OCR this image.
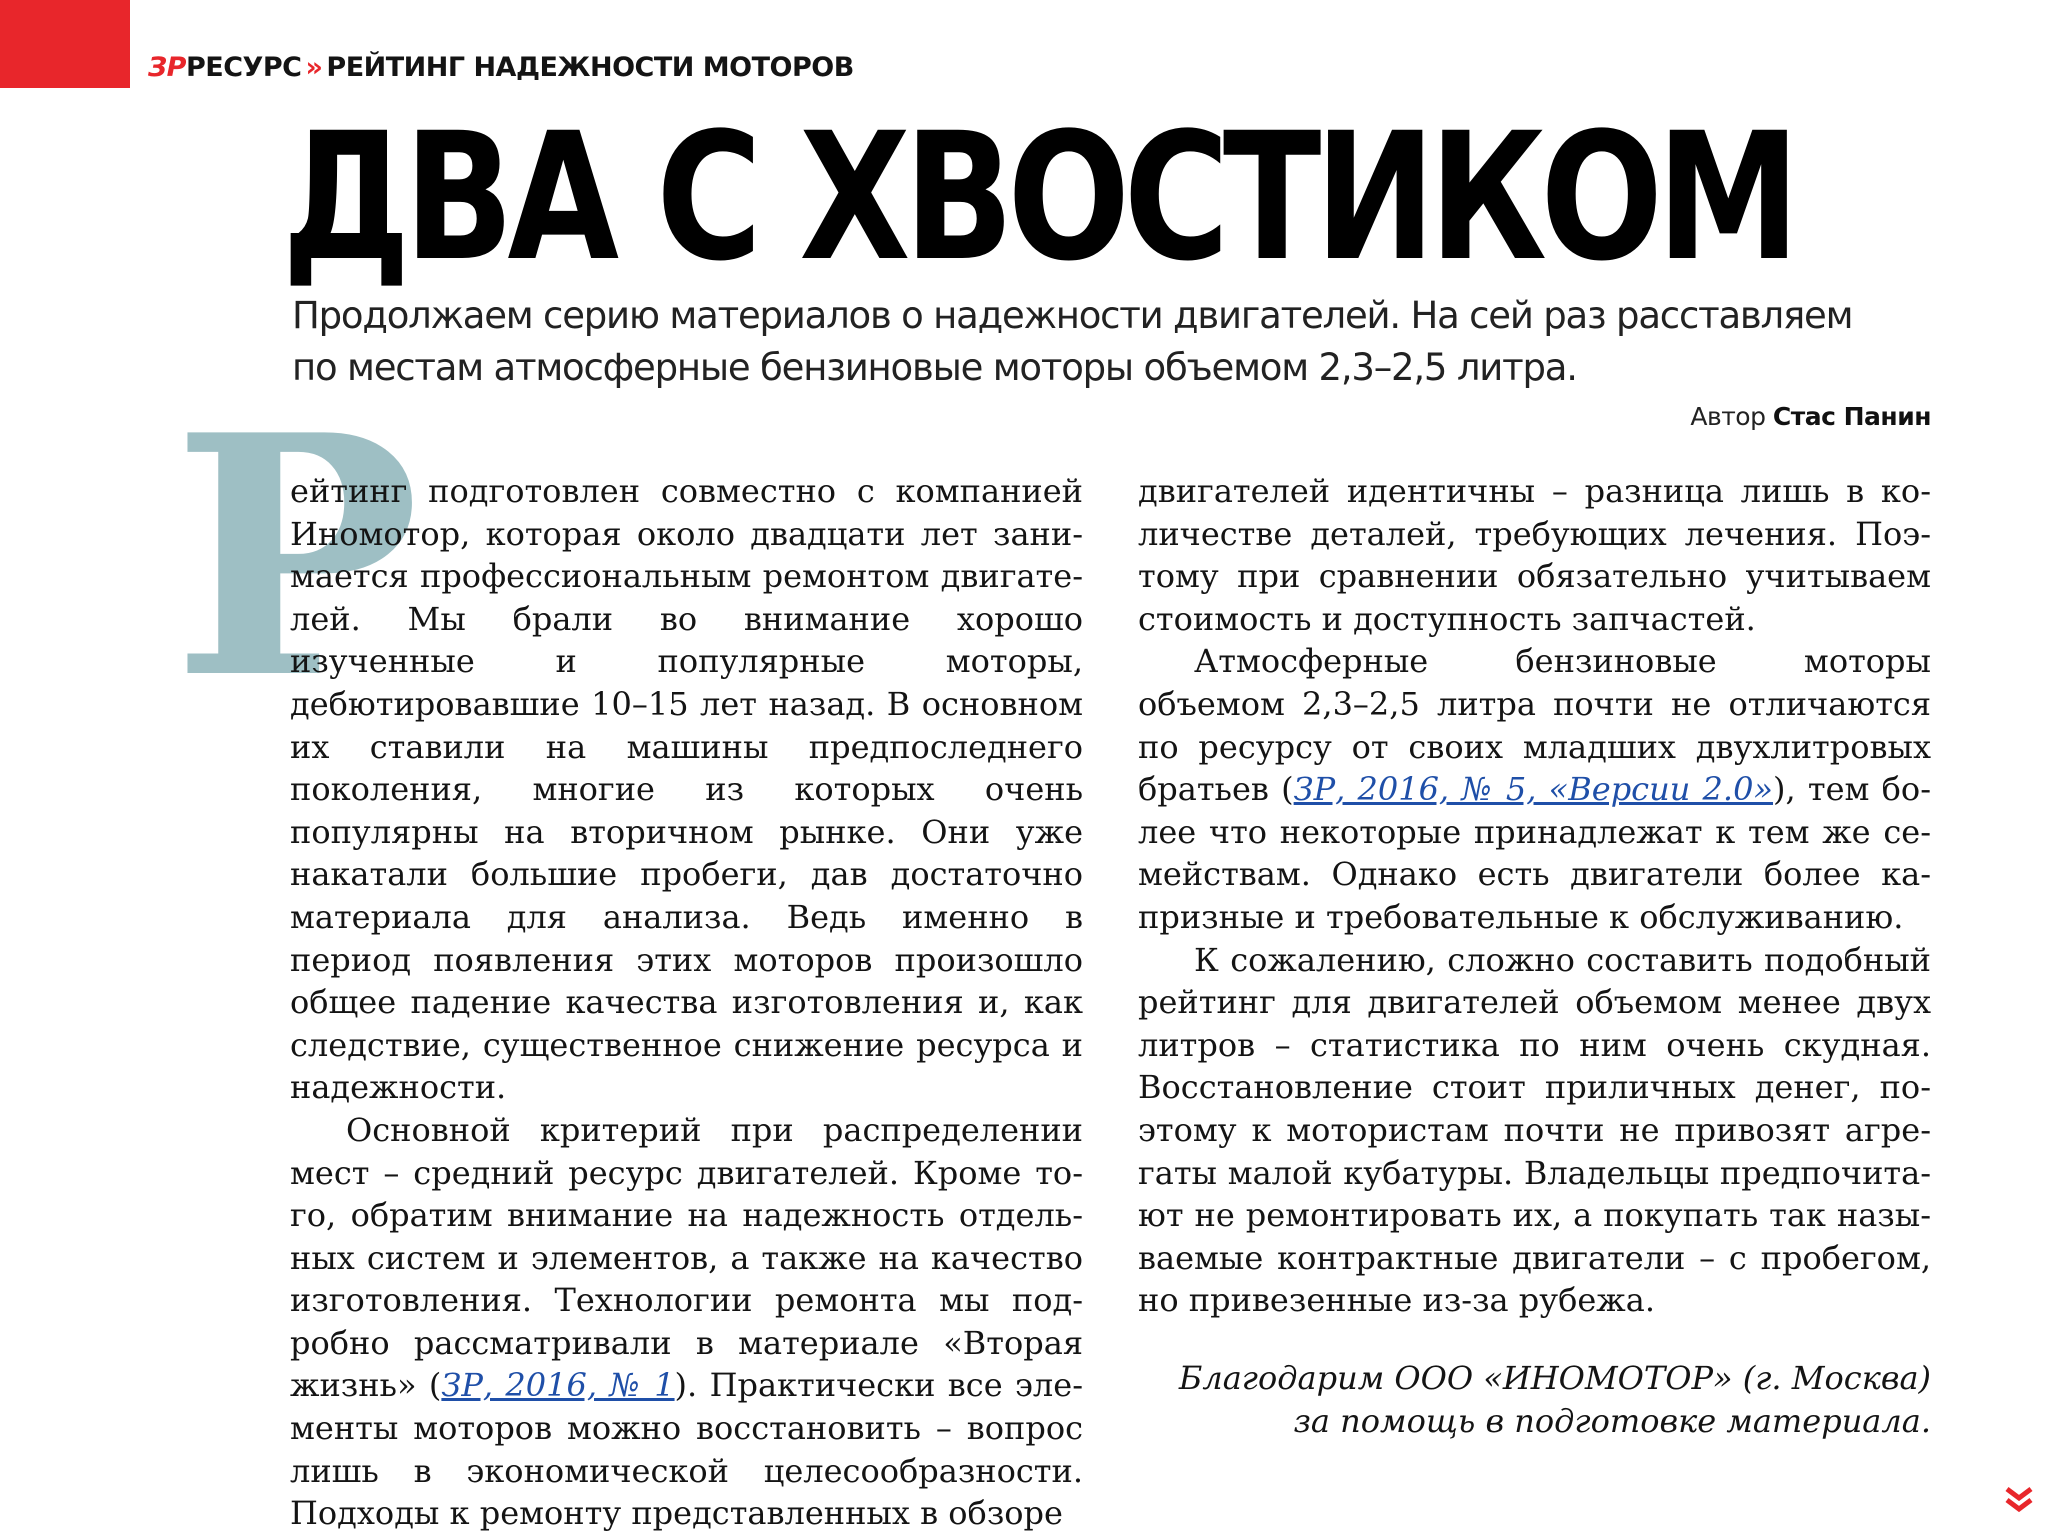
ЗРРЕСУРС » РЕЙТИНГ НАДЕЖНОСТИ МОТОРОВ

ДВА С ХВОСТИКОМ

Продолжаем серию материалов о надежности двигателей. На сей раз расставляем по местам атмосферные бензиновые моторы объемом 2,3–2,5 литра.

Автор Стас Панин

Р

ейтинг подготовлен совместно с компанией Иномотор, которая около двадцати лет занимается профессиональным ремонтом двигателей. Мы брали во внимание хорошо изученные и популярные моторы, дебютировавшие 10–15 лет назад. В основном их ставили на машины предпоследнего поколения, многие из которых очень популярны на вторичном рынке. Они уже накатали большие пробеги, дав достаточно материала для анализа. Ведь именно в период появления этих моторов произошло общее падение качества изготовления и, как следствие, существенное снижение ресурса и надежности.

Основной критерий при распределении мест – средний ресурс двигателей. Кроме того, обратим внимание на надежность отдельных систем и элементов, а также на качество изготовления. Технологии ремонта мы подробно рассматривали в материале «Вторая жизнь» (ЗР, 2016, № 1). Практически все элементы моторов можно восстановить – вопрос лишь в экономической целесообразности. Подходы к ремонту представленных в обзоре

двигателей идентичны – разница лишь в количестве деталей, требующих лечения. Поэтому при сравнении обязательно учитываем стоимость и доступность запчастей.

Атмосферные бензиновые моторы объемом 2,3–2,5 литра почти не отличаются по ресурсу от своих младших двухлитровых братьев (ЗР, 2016, № 5, «Версии 2.0»), тем более что некоторые принадлежат к тем же семействам. Однако есть двигатели более капризные и требовательные к обслуживанию.

К сожалению, сложно составить подобный рейтинг для двигателей объемом менее двух литров – статистика по ним очень скудная. Восстановление стоит приличных денег, поэтому к мотористам почти не привозят агрегаты малой кубатуры. Владельцы предпочитают не ремонтировать их, а покупать так называемые контрактные двигатели – с пробегом, но привезенные из-за рубежа.

Благодарим ООО «ИНОМОТОР» (г. Москва)
за помощь в подготовке материала.
